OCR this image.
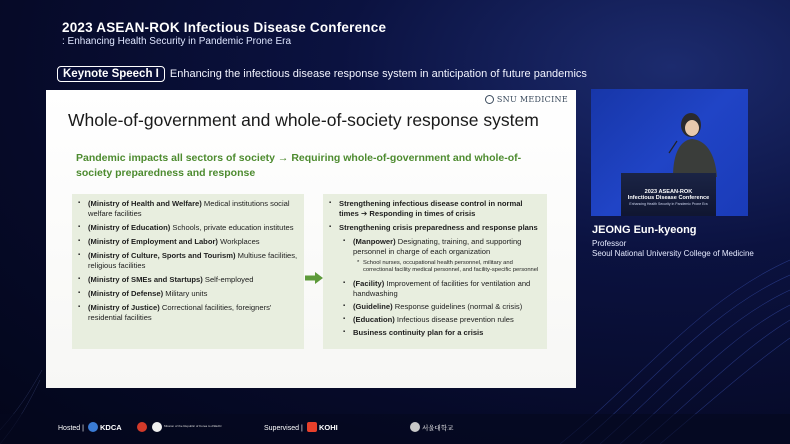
2023 ASEAN-ROK Infectious Disease Conference
: Enhancing Health Security in Pandemic Prone Era
Keynote Speech I	Enhancing the infectious disease response system in anticipation of future pandemics
SNU MEDICINE
Whole-of-government and whole-of-society response system
Pandemic impacts all sectors of society → Requiring whole-of-government and whole-of-society preparedness and response
▪ (Ministry of Health and Welfare) Medical institutions social welfare facilities
▪ (Ministry of Education) Schools, private education institutes
▪ (Ministry of Employment and Labor) Workplaces
▪ (Ministry of Culture, Sports and Tourism) Multiuse facilities, religious facilities
▪ (Ministry of SMEs and Startups) Self-employed
▪ (Ministry of Defense) Military units
▪ (Ministry of Justice) Correctional facilities, foreigners' residential facilities
▪ Strengthening infectious disease control in normal times ➔ Responding in times of crisis
▪ Strengthening crisis preparedness and response plans
▪ (Manpower) Designating, training, and supporting personnel in charge of each organization
* School nurses, occupational health personnel, military and correctional facility medical personnel, and facility-specific personnel
▪ (Facility) Improvement of facilities for ventilation and handwashing
▪ (Guideline) Response guidelines (normal & crisis)
▪ (Education) Infectious disease prevention rules
▪ Business continuity plan for a crisis
2023 ASEAN-ROK
Infectious Disease Conference
Enhancing Health Security in Pandemic Prone Era
JEONG Eun-kyeong
Professor
Seoul National University College of Medicine
Hosted | KDCA	Mission of the Republic of Korea to ASEAN	Supervised | KOHI	서울대학교
